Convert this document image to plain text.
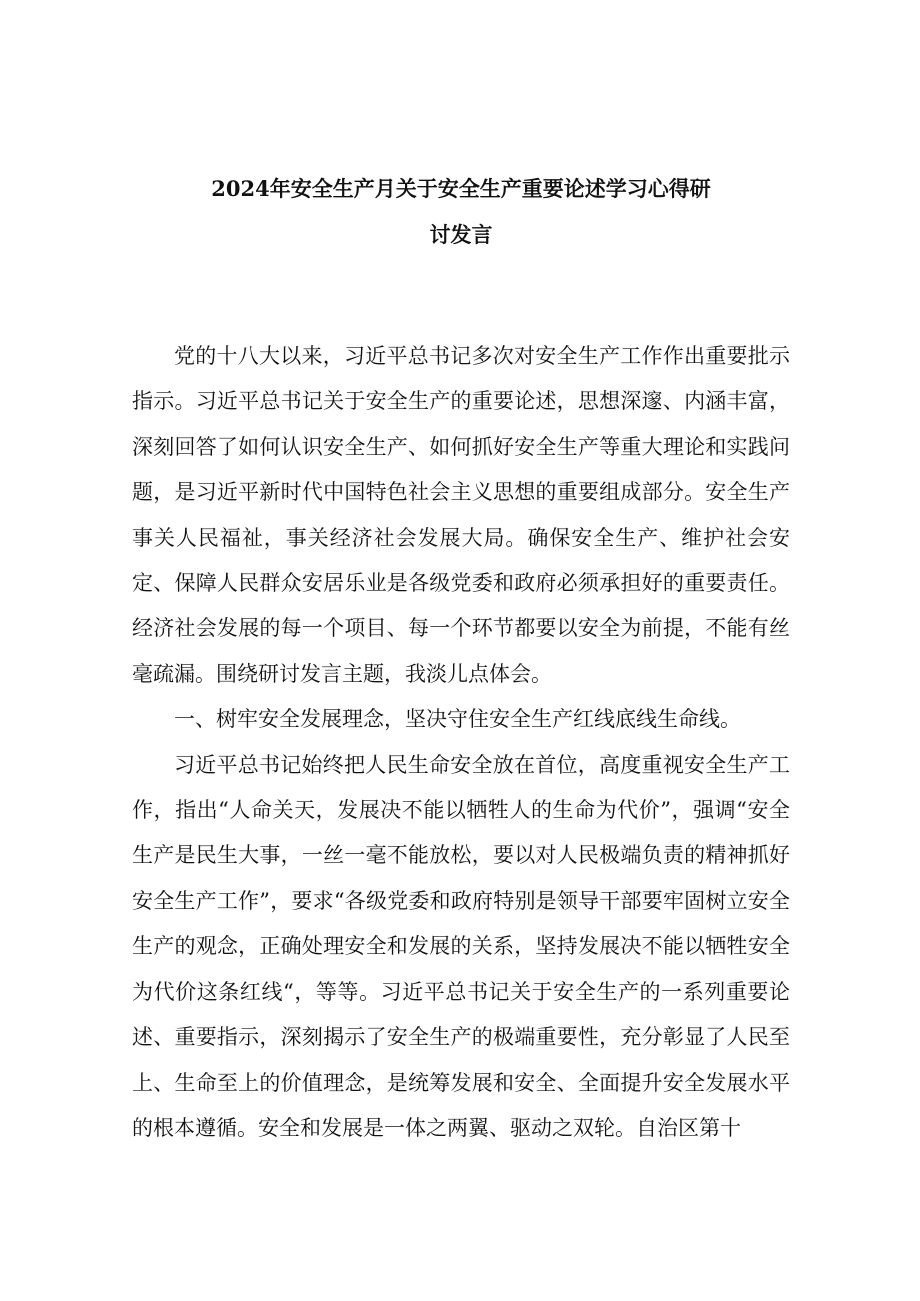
2024年安全生产月关于安全生产重要论述学习心得研
讨发言

党的十八大以来，习近平总书记多次对安全生产工作作出重要批示指示。习近平总书记关于安全生产的重要论述，思想深邃、内涵丰富，深刻回答了如何认识安全生产、如何抓好安全生产等重大理论和实践问题，是习近平新时代中国特色社会主义思想的重要组成部分。安全生产事关人民福祉，事关经济社会发展大局。确保安全生产、维护社会安定、保障人民群众安居乐业是各级党委和政府必须承担好的重要责任。经济社会发展的每一个项目、每一个环节都要以安全为前提，不能有丝毫疏漏。围绕研讨发言主题，我淡儿点体会。

一、树牢安全发展理念，坚决守住安全生产红线底线生命线。

习近平总书记始终把人民生命安全放在首位，高度重视安全生产工作，指出“人命关天，发展决不能以牺牲人的生命为代价”，强调“安全生产是民生大事，一丝一毫不能放松，要以对人民极端负责的精神抓好安全生产工作”，要求“各级党委和政府特别是领导干部要牢固树立安全生产的观念，正确处理安全和发展的关系，坚持发展决不能以牺牲安全为代价这条红线“，等等。习近平总书记关于安全生产的一系列重要论述、重要指示，深刻揭示了安全生产的极端重要性，充分彰显了人民至上、生命至上的价值理念，是统筹发展和安全、全面提升安全发展水平的根本遵循。安全和发展是一体之两翼、驱动之双轮。自治区第十
